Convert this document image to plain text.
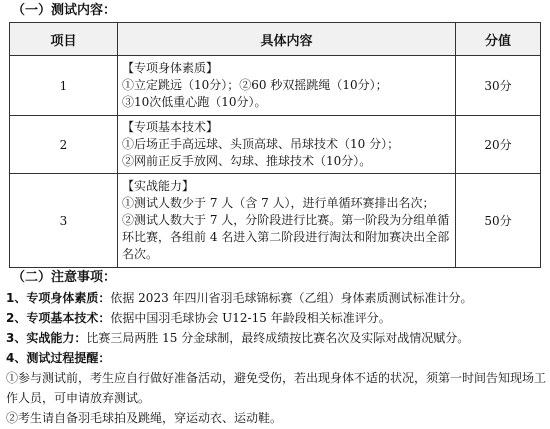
（一）测试内容：
项目	具体内容	分值
1	【专项身体素质】
①立定跳远（10分）；②60 秒双摇跳绳（10分）；
③10次低重心跑（10分）。	30分
2	【专项基本技术】
①后场正手高远球、头顶高球、吊球技术（10 分）；
②网前正反手放网、勾球、推球技术（10分）。	20分
3	【实战能力】
①测试人数少于 7 人（含 7 人），进行单循环赛排出名次；
②测试人数大于 7 人，分阶段进行比赛。第一阶段为分组单循环比赛，各组前 4 名进入第二阶段进行淘汰和附加赛决出全部名次。	50分
（二）注意事项：
1、专项身体素质：依据 2023 年四川省羽毛球锦标赛（乙组）身体素质测试标准计分。
2、专项基本技术：依据中国羽毛球协会 U12-15 年龄段相关标准评分。
3、实战能力：比赛三局两胜 15 分金球制，最终成绩按比赛名次及实际对战情况赋分。
4、测试过程提醒：
①参与测试前，考生应自行做好准备活动，避免受伤，若出现身体不适的状况，须第一时间告知现场工作人员，可申请放弃测试。
②考生请自备羽毛球拍及跳绳，穿运动衣、运动鞋。
